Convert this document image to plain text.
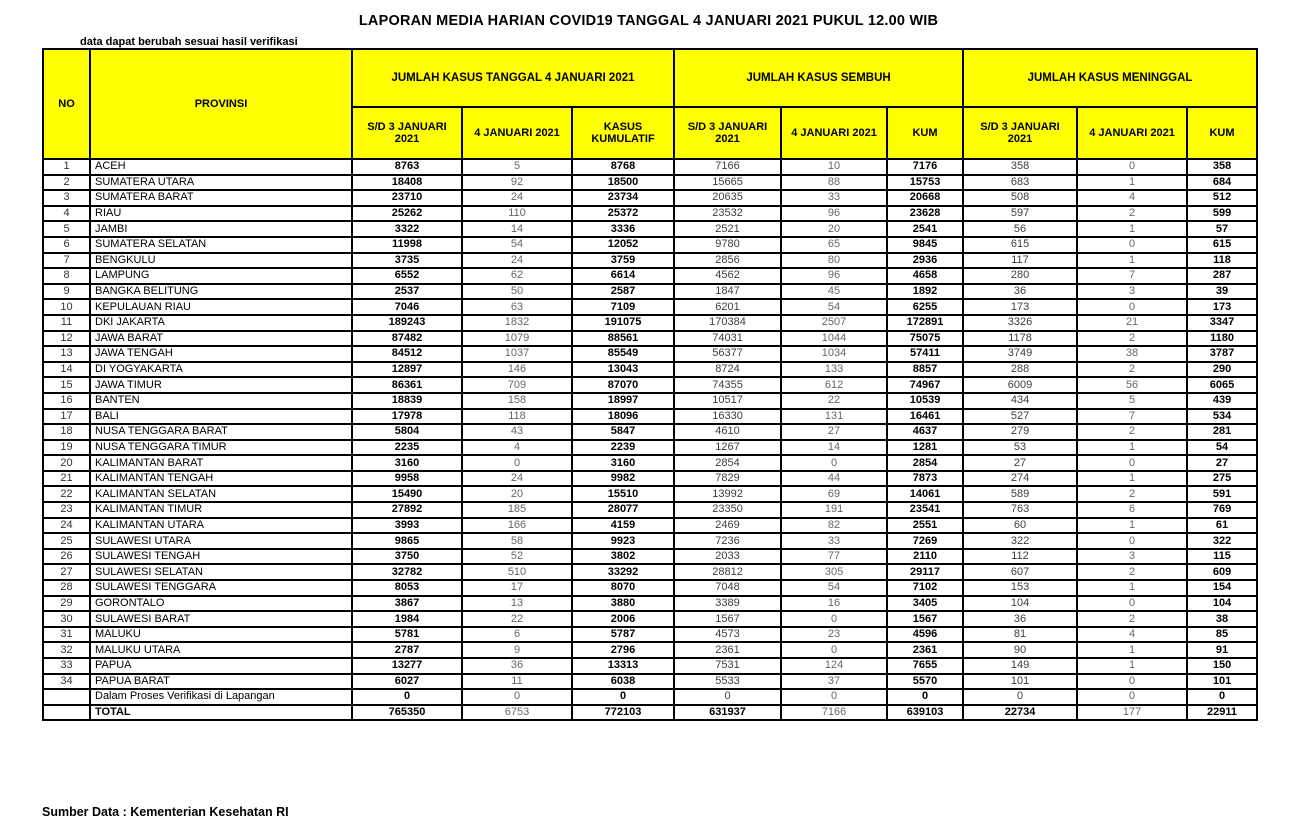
LAPORAN MEDIA HARIAN COVID19 TANGGAL 4 JANUARI 2021 PUKUL 12.00 WIB
data dapat berubah sesuai hasil verifikasi
NO	PROVINSI	JUMLAH KASUS TANGGAL 4 JANUARI 2021			JUMLAH KASUS SEMBUH			JUMLAH KASUS MENINGGAL		
		S/D 3 JANUARI 2021	4 JANUARI 2021	KASUS KUMULATIF	S/D 3 JANUARI 2021	4 JANUARI 2021	KUM	S/D 3 JANUARI 2021	4 JANUARI 2021	KUM
1	ACEH	8763	5	8768	7166	10	7176	358	0	358
2	SUMATERA UTARA	18408	92	18500	15665	88	15753	683	1	684
3	SUMATERA BARAT	23710	24	23734	20635	33	20668	508	4	512
4	RIAU	25262	110	25372	23532	96	23628	597	2	599
5	JAMBI	3322	14	3336	2521	20	2541	56	1	57
6	SUMATERA SELATAN	11998	54	12052	9780	65	9845	615	0	615
7	BENGKULU	3735	24	3759	2856	80	2936	117	1	118
8	LAMPUNG	6552	62	6614	4562	96	4658	280	7	287
9	BANGKA BELITUNG	2537	50	2587	1847	45	1892	36	3	39
10	KEPULAUAN RIAU	7046	63	7109	6201	54	6255	173	0	173
11	DKI JAKARTA	189243	1832	191075	170384	2507	172891	3326	21	3347
12	JAWA BARAT	87482	1079	88561	74031	1044	75075	1178	2	1180
13	JAWA TENGAH	84512	1037	85549	56377	1034	57411	3749	38	3787
14	DI YOGYAKARTA	12897	146	13043	8724	133	8857	288	2	290
15	JAWA TIMUR	86361	709	87070	74355	612	74967	6009	56	6065
16	BANTEN	18839	158	18997	10517	22	10539	434	5	439
17	BALI	17978	118	18096	16330	131	16461	527	7	534
18	NUSA TENGGARA BARAT	5804	43	5847	4610	27	4637	279	2	281
19	NUSA TENGGARA TIMUR	2235	4	2239	1267	14	1281	53	1	54
20	KALIMANTAN BARAT	3160	0	3160	2854	0	2854	27	0	27
21	KALIMANTAN TENGAH	9958	24	9982	7829	44	7873	274	1	275
22	KALIMANTAN SELATAN	15490	20	15510	13992	69	14061	589	2	591
23	KALIMANTAN TIMUR	27892	185	28077	23350	191	23541	763	6	769
24	KALIMANTAN UTARA	3993	166	4159	2469	82	2551	60	1	61
25	SULAWESI UTARA	9865	58	9923	7236	33	7269	322	0	322
26	SULAWESI TENGAH	3750	52	3802	2033	77	2110	112	3	115
27	SULAWESI SELATAN	32782	510	33292	28812	305	29117	607	2	609
28	SULAWESI TENGGARA	8053	17	8070	7048	54	7102	153	1	154
29	GORONTALO	3867	13	3880	3389	16	3405	104	0	104
30	SULAWESI BARAT	1984	22	2006	1567	0	1567	36	2	38
31	MALUKU	5781	6	5787	4573	23	4596	81	4	85
32	MALUKU UTARA	2787	9	2796	2361	0	2361	90	1	91
33	PAPUA	13277	36	13313	7531	124	7655	149	1	150
34	PAPUA BARAT	6027	11	6038	5533	37	5570	101	0	101
	Dalam Proses Verifikasi di Lapangan	0	0	0	0	0	0	0	0	0
	TOTAL	765350	6753	772103	631937	7166	639103	22734	177	22911
Sumber Data : Kementerian Kesehatan RI
